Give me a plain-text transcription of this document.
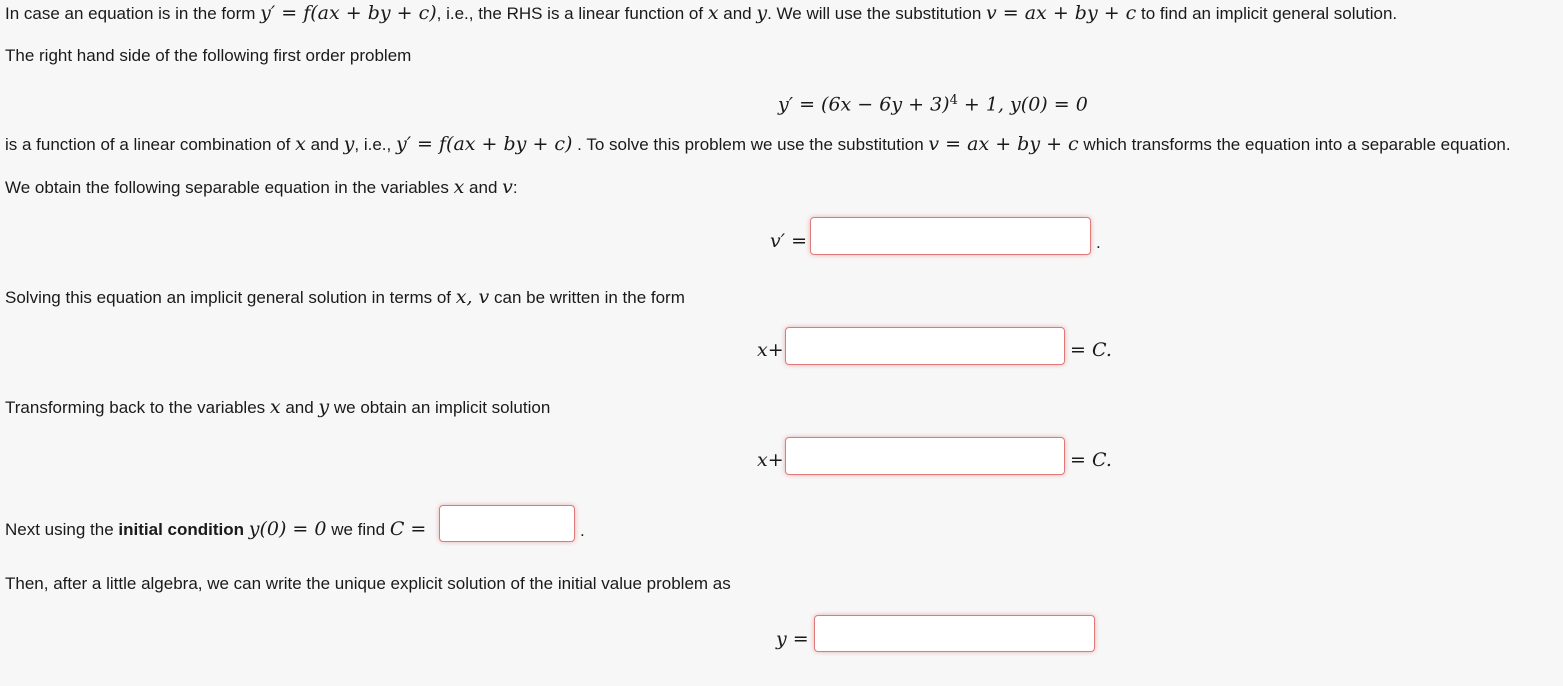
In case an equation is in the form y′ = f(ax + by + c), i.e., the RHS is a linear function of x and y. We will use the substitution v = ax + by + c to find an implicit general solution.
The right hand side of the following first order problem
$y' = (6x - 6y + 3)^4 + 1$, y(0) = 0
is a function of a linear combination of x and y, i.e., y′ = f(ax + by + c) . To solve this problem we use the substitution v = ax + by + c which transforms the equation into a separable equation.
We obtain the following separable equation in the variables x and v:
v′ =	.
Solving this equation an implicit general solution in terms of x, v can be written in the form
x+	= C.
Transforming back to the variables x and y we obtain an implicit solution
x+	= C.
Next using the initial condition y(0) = 0 we find C =	.
Then, after a little algebra, we can write the unique explicit solution of the initial value problem as
y =
